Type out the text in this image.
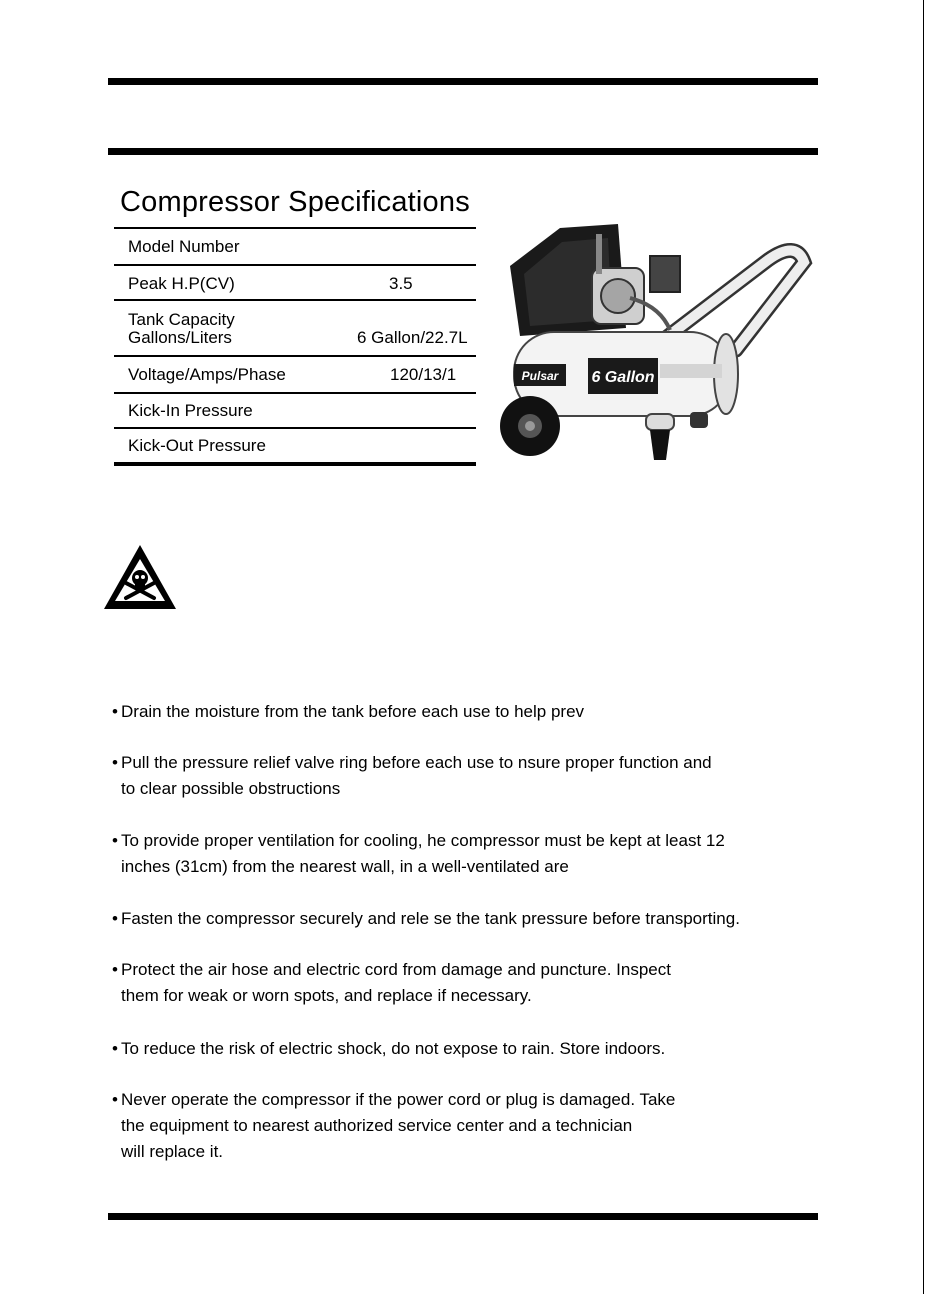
Compressor Specifications
Model Number
Peak H.P(CV)	3.5
Tank Capacity
Gallons/Liters	6 Gallon/22.7L
Voltage/Amps/Phase	120/13/1
Kick-In Pressure
Kick-Out Pressure
Pulsar 6 Gallon
• Drain the moisture from the tank before each use to help prev
• Pull the pressure relief valve ring before each use to nsure proper function and
to clear possible obstructions
• To provide proper ventilation for cooling, he compressor must be kept at least 12
inches (31cm) from the nearest wall, in a well-ventilated are
• Fasten the compressor securely and rele se the tank pressure before transporting.
• Protect the air hose and electric cord from damage and puncture. Inspect
them for weak or worn spots, and replace if necessary.
• To reduce the risk of electric shock, do not expose to rain. Store indoors.
• Never operate the compressor if the power cord or plug is damaged. Take
the equipment to nearest authorized service center and a technician
will replace it.
